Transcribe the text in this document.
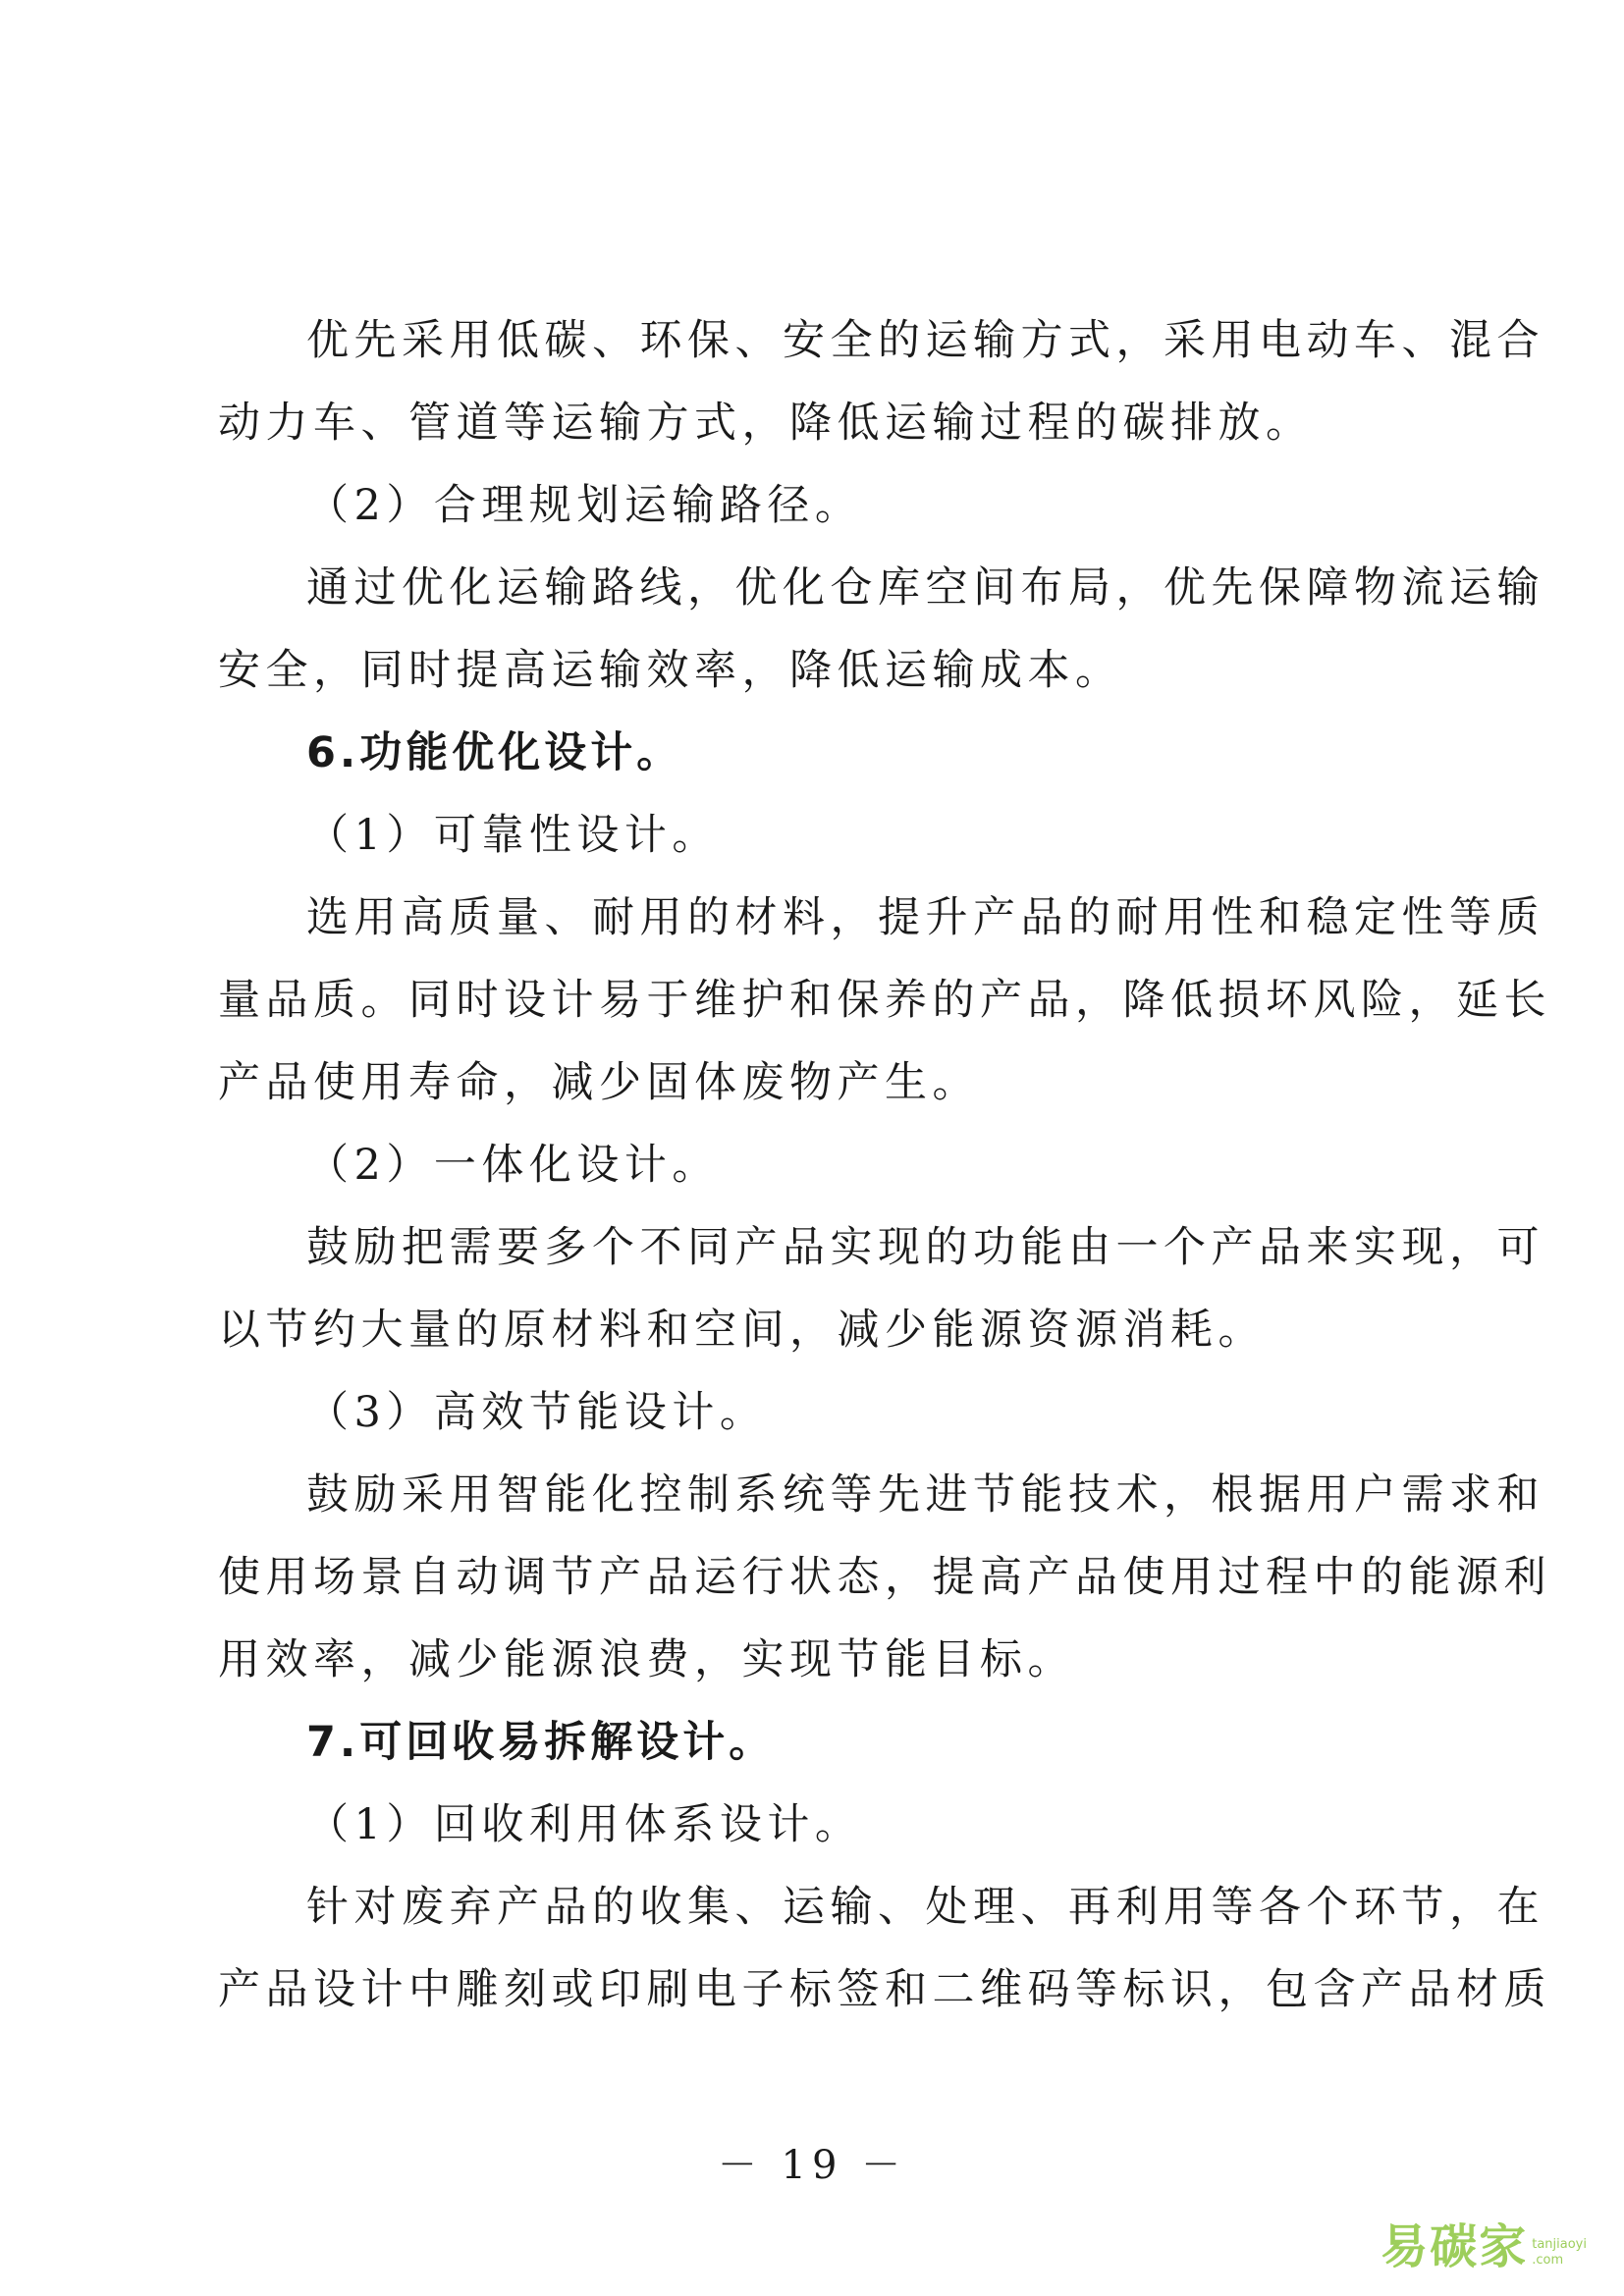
优先采用低碳、环保、安全的运输方式，采用电动车、混合
动力车、管道等运输方式，降低运输过程的碳排放。
（2）合理规划运输路径。
通过优化运输路线，优化仓库空间布局，优先保障物流运输
安全，同时提高运输效率，降低运输成本。
6.功能优化设计。
（1）可靠性设计。
选用高质量、耐用的材料，提升产品的耐用性和稳定性等质
量品质。同时设计易于维护和保养的产品，降低损坏风险，延长
产品使用寿命，减少固体废物产生。
（2）一体化设计。
鼓励把需要多个不同产品实现的功能由一个产品来实现，可
以节约大量的原材料和空间，减少能源资源消耗。
（3）高效节能设计。
鼓励采用智能化控制系统等先进节能技术，根据用户需求和
使用场景自动调节产品运行状态，提高产品使用过程中的能源利
用效率，减少能源浪费，实现节能目标。
7.可回收易拆解设计。
（1）回收利用体系设计。
针对废弃产品的收集、运输、处理、再利用等各个环节，在
产品设计中雕刻或印刷电子标签和二维码等标识，包含产品材质
－ 19 －
易碳家 tanjiaoyi
.com
